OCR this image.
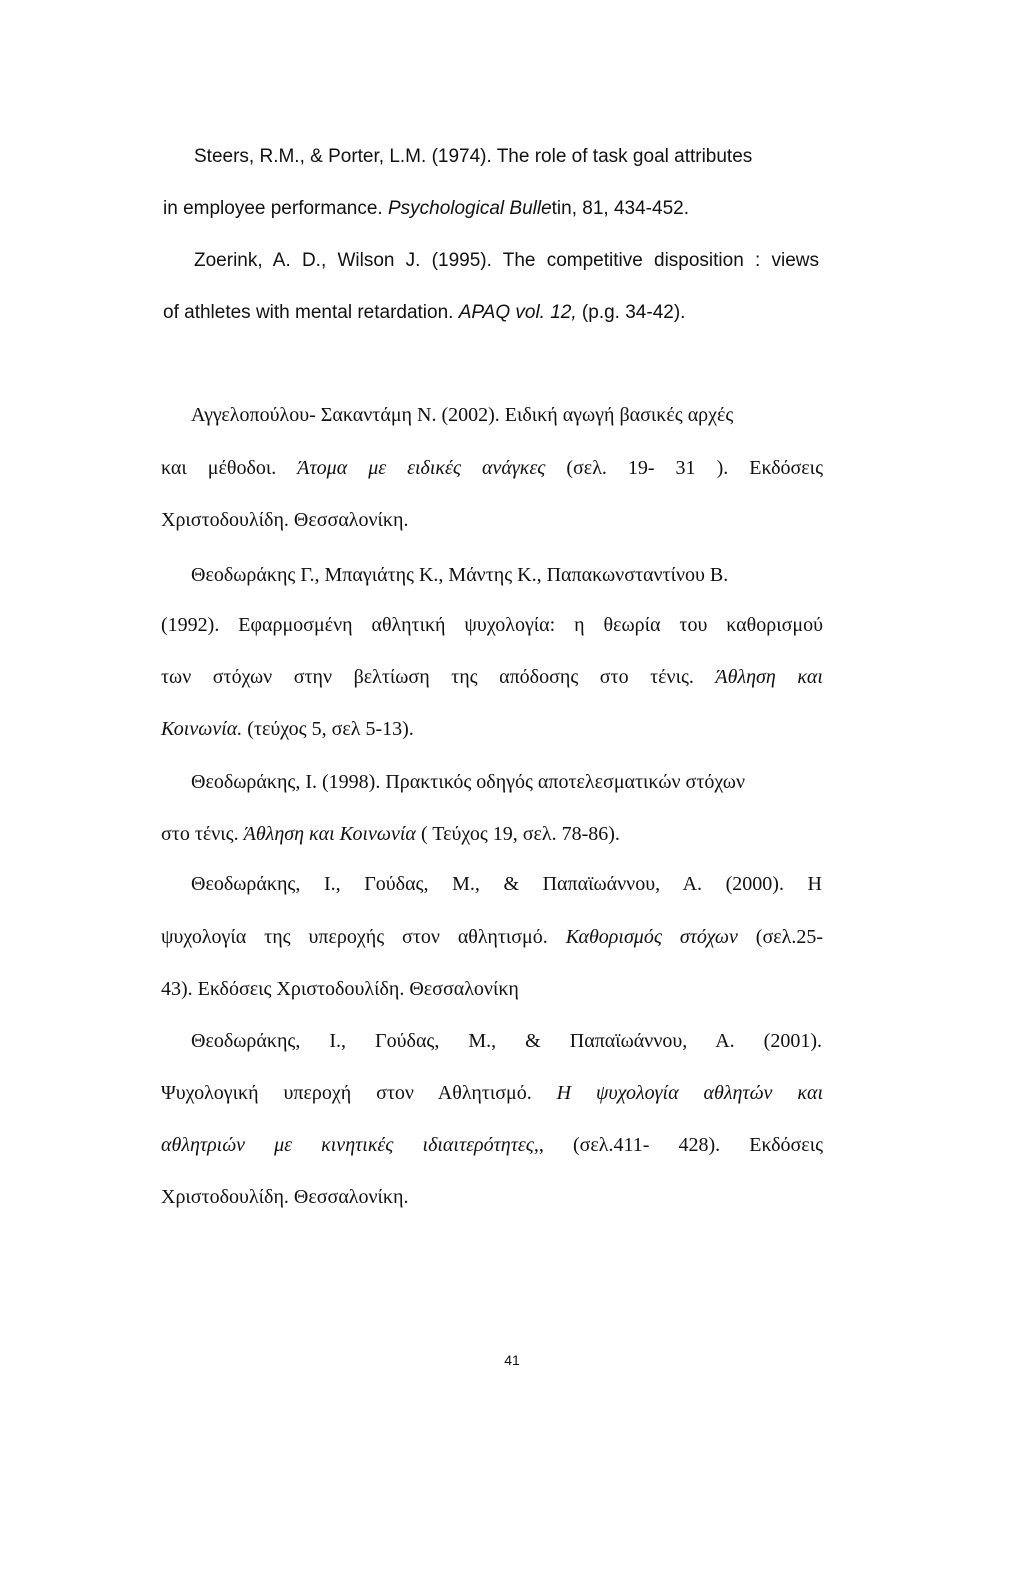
Steers, R.M., & Porter, L.M. (1974). The role of task goal attributes
in employee performance. Psychological Bulletin, 81, 434-452.
Zoerink, A. D., Wilson J. (1995). The competitive disposition : views
of athletes with mental retardation. APAQ vol. 12, (p.g. 34-42).
Αγγελοπούλου- Σακαντάμη Ν. (2002). Ειδική αγωγή βασικές αρχές
και μέθοδοι. Άτομα με ειδικές ανάγκες (σελ. 19- 31 ). Εκδόσεις
Χριστοδουλίδη. Θεσσαλονίκη.
Θεοδωράκης Γ., Μπαγιάτης Κ., Μάντης Κ., Παπακωνσταντίνου Β.
(1992). Εφαρμοσμένη αθλητική ψυχολογία: η θεωρία του καθορισμού
των στόχων στην βελτίωση της απόδοσης στο τένις. Άθληση και
Κοινωνία. (τεύχος 5, σελ 5-13).
Θεοδωράκης, Ι. (1998). Πρακτικός οδηγός αποτελεσματικών στόχων
στο τένις. Άθληση και Κοινωνία ( Τεύχος 19, σελ. 78-86).
Θεοδωράκης, Ι., Γούδας, Μ., & Παπαϊωάννου, Α. (2000). Η
ψυχολογία της υπεροχής στον αθλητισμό. Καθορισμός στόχων (σελ.25-
43). Εκδόσεις Χριστοδουλίδη. Θεσσαλονίκη
Θεοδωράκης, Ι., Γούδας, Μ., & Παπαϊωάννου, Α. (2001).
Ψυχολογική υπεροχή στον Αθλητισμό. Η ψυχολογία αθλητών και
αθλητριών με κινητικές ιδιαιτερότητες,, (σελ.411- 428). Εκδόσεις
Χριστοδουλίδη. Θεσσαλονίκη.
41
